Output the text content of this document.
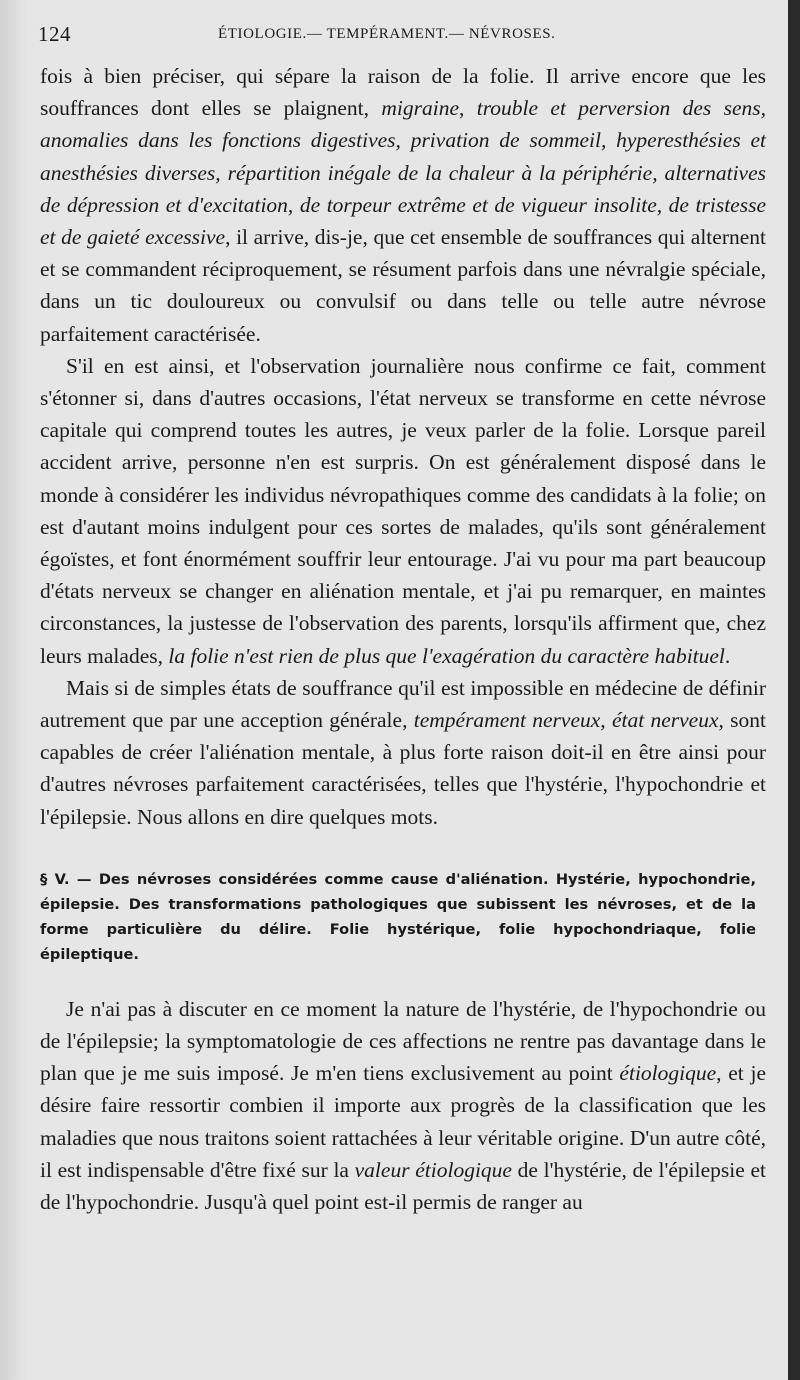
124	ÉTIOLOGIE.— TEMPÉRAMENT.— NÉVROSES.

fois à bien préciser, qui sépare la raison de la folie. Il arrive encore que les souffrances dont elles se plaignent, migraine, trouble et perversion des sens, anomalies dans les fonctions digestives, privation de sommeil, hyperesthésies et anesthésies diverses, répartition inégale de la chaleur à la périphérie, alternatives de dépression et d'excitation, de torpeur extrême et de vigueur insolite, de tristesse et de gaieté excessive, il arrive, dis-je, que cet ensemble de souffrances qui alternent et se commandent réciproquement, se résument parfois dans une névralgie spéciale, dans un tic douloureux ou convulsif ou dans telle ou telle autre névrose parfaitement caractérisée.

S'il en est ainsi, et l'observation journalière nous confirme ce fait, comment s'étonner si, dans d'autres occasions, l'état nerveux se transforme en cette névrose capitale qui comprend toutes les autres, je veux parler de la folie. Lorsque pareil accident arrive, personne n'en est surpris. On est généralement disposé dans le monde à considérer les individus névropathiques comme des candidats à la folie; on est d'autant moins indulgent pour ces sortes de malades, qu'ils sont généralement égoïstes, et font énormément souffrir leur entourage. J'ai vu pour ma part beaucoup d'états nerveux se changer en aliénation mentale, et j'ai pu remarquer, en maintes circonstances, la justesse de l'observation des parents, lorsqu'ils affirment que, chez leurs malades, la folie n'est rien de plus que l'exagération du caractère habituel.

Mais si de simples états de souffrance qu'il est impossible en médecine de définir autrement que par une acception générale, tempérament nerveux, état nerveux, sont capables de créer l'aliénation mentale, à plus forte raison doit-il en être ainsi pour d'autres névroses parfaitement caractérisées, telles que l'hystérie, l'hypochondrie et l'épilepsie. Nous allons en dire quelques mots.

§ V. — Des névroses considérées comme cause d'aliénation. Hystérie, hypochondrie, épilepsie. Des transformations pathologiques que subissent les névroses, et de la forme particulière du délire. Folie hystérique, folie hypochondriaque, folie épileptique.

Je n'ai pas à discuter en ce moment la nature de l'hystérie, de l'hypochondrie ou de l'épilepsie; la symptomatologie de ces affections ne rentre pas davantage dans le plan que je me suis imposé. Je m'en tiens exclusivement au point étiologique, et je désire faire ressortir combien il importe aux progrès de la classification que les maladies que nous traitons soient rattachées à leur véritable origine. D'un autre côté, il est indispensable d'être fixé sur la valeur étiologique de l'hystérie, de l'épilepsie et de l'hypochondrie. Jusqu'à quel point est-il permis de ranger au
